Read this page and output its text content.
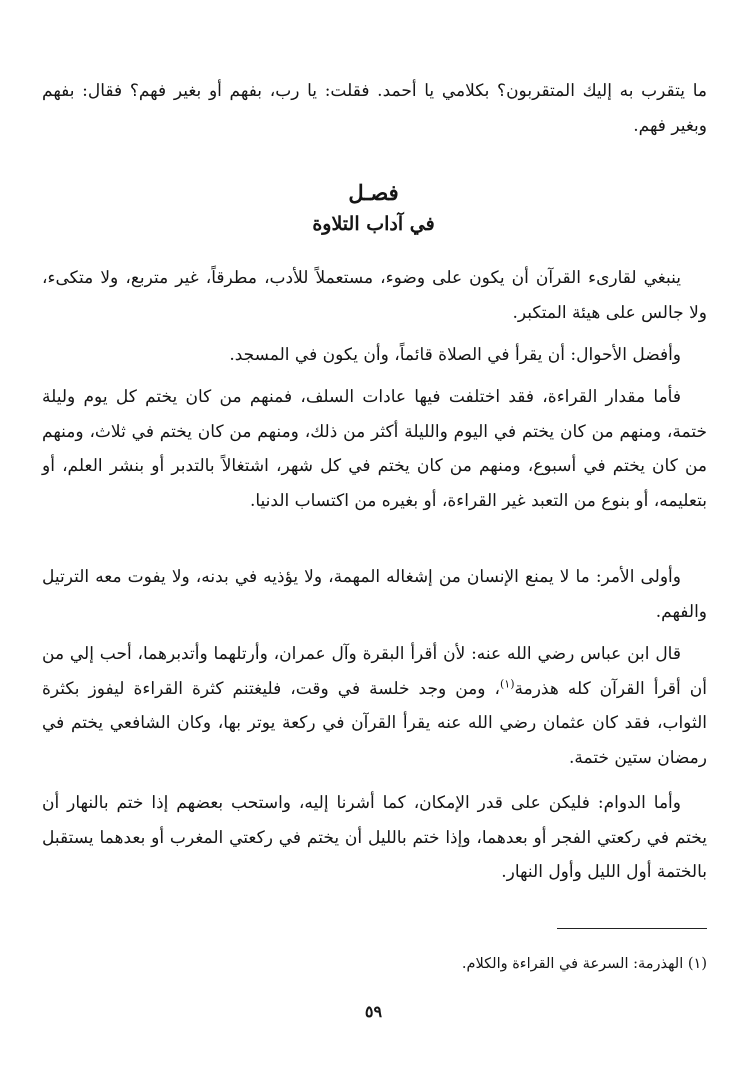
ما يتقرب به إليك المتقربون؟ بكلامي يا أحمد. فقلت: يا رب، بفهم أو بغير فهم؟ فقال: بفهم وبغير فهم.
فصـل
في آداب التلاوة
ينبغي لقارىء القرآن أن يكون على وضوء، مستعملاً للأدب، مطرقاً، غير متربع، ولا متكىء، ولا جالس على هيئة المتكبر.
وأفضل الأحوال: أن يقرأ في الصلاة قائماً، وأن يكون في المسجد.
فأما مقدار القراءة، فقد اختلفت فيها عادات السلف، فمنهم من كان يختم كل يوم وليلة ختمة، ومنهم من كان يختم في اليوم والليلة أكثر من ذلك، ومنهم من كان يختم في ثلاث، ومنهم من كان يختم في أسبوع، ومنهم من كان يختم في كل شهر، اشتغالاً بالتدبر أو بنشر العلم، أو بتعليمه، أو بنوع من التعبد غير القراءة، أو بغيره من اكتساب الدنيا.
وأولى الأمر: ما لا يمنع الإنسان من إشغاله المهمة، ولا يؤذيه في بدنه، ولا يفوت معه الترتيل والفهم.
قال ابن عباس رضي الله عنه: لأن أقرأ البقرة وآل عمران، وأرتلهما وأتدبرهما، أحب إلي من أن أقرأ القرآن كله هذرمة$^{(١)}$، ومن وجد خلسة في وقت، فليغتنم كثرة القراءة ليفوز بكثرة الثواب، فقد كان عثمان رضي الله عنه يقرأ القرآن في ركعة يوتر بها، وكان الشافعي يختم في رمضان ستين ختمة.
وأما الدوام: فليكن على قدر الإمكان، كما أشرنا إليه، واستحب بعضهم إذا ختم بالنهار أن يختم في ركعتي الفجر أو بعدهما، وإذا ختم بالليل أن يختم في ركعتي المغرب أو بعدهما يستقبل بالختمة أول الليل وأول النهار.
(١) الهذرمة: السرعة في القراءة والكلام.
٥٩
